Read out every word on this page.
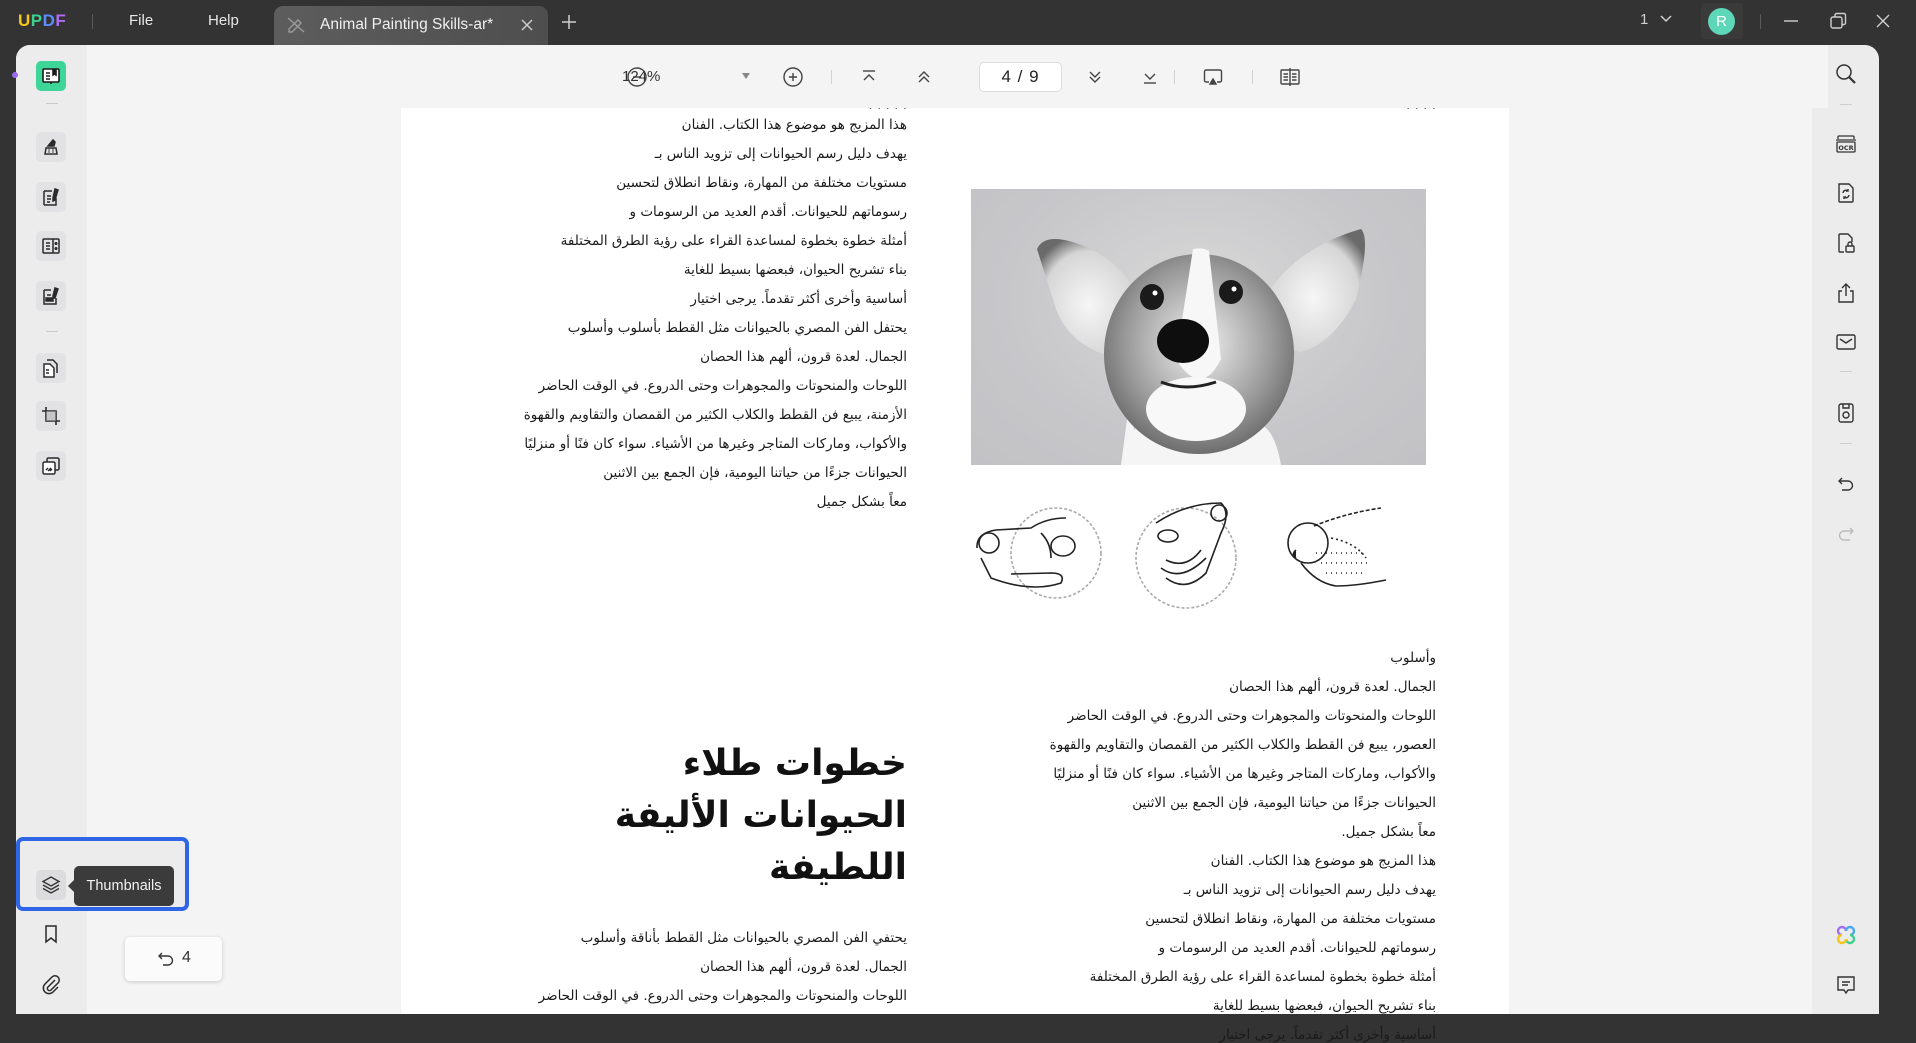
UPDF	File	Help	Animal Painting Skills-ar*	1	R
124%	4 / 9
هذا المزيج هو موضوع هذا الكتاب. الفنان
يهدف دليل رسم الحيوانات إلى تزويد الناس بـ
مستويات مختلفة من المهارة، ونقاط انطلاق لتحسين
رسوماتهم للحيوانات. أقدم العديد من الرسومات و
أمثلة خطوة بخطوة لمساعدة القراء على رؤية الطرق المختلفة
بناء تشريح الحيوان، فبعضها بسيط للغاية
أساسية وأخرى أكثر تقدماً. يرجى اختيار
يحتفل الفن المصري بالحيوانات مثل القطط بأسلوب وأسلوب
الجمال. لعدة قرون، ألهم هذا الحصان
اللوحات والمنحوتات والمجوهرات وحتى الدروع. في الوقت الحاضر
الأزمنة، يبيع فن القطط والكلاب الكثير من القمصان والتقاويم والقهوة
والأكواب، وماركات المتاجر وغيرها من الأشياء. سواء كان فنًا أو منزليًا
الحيوانات جزءًا من حياتنا اليومية، فإن الجمع بين الاثنين
معاً بشكل جميل
خطوات طلاء
الحيوانات الأليفة
اللطيفة
يحتفي الفن المصري بالحيوانات مثل القطط بأناقة وأسلوب
الجمال. لعدة قرون، ألهم هذا الحصان
اللوحات والمنحوتات والمجوهرات وحتى الدروع. في الوقت الحاضر
وأسلوب
الجمال. لعدة قرون، ألهم هذا الحصان
اللوحات والمنحوتات والمجوهرات وحتى الدروع. في الوقت الحاضر
العصور، يبيع فن القطط والكلاب الكثير من القمصان والتقاويم والقهوة
والأكواب، وماركات المتاجر وغيرها من الأشياء. سواء كان فنًا أو منزليًا
الحيوانات جزءًا من حياتنا اليومية، فإن الجمع بين الاثنين
معاً بشكل جميل.
هذا المزيج هو موضوع هذا الكتاب. الفنان
يهدف دليل رسم الحيوانات إلى تزويد الناس بـ
مستويات مختلفة من المهارة، ونقاط انطلاق لتحسين
رسوماتهم للحيوانات. أقدم العديد من الرسومات و
أمثلة خطوة بخطوة لمساعدة القراء على رؤية الطرق المختلفة
بناء تشريح الحيوان، فبعضها بسيط للغاية
أساسية وأخرى أكثر تقدماً. يرجى اختيار
OCR
Thumbnails
4
